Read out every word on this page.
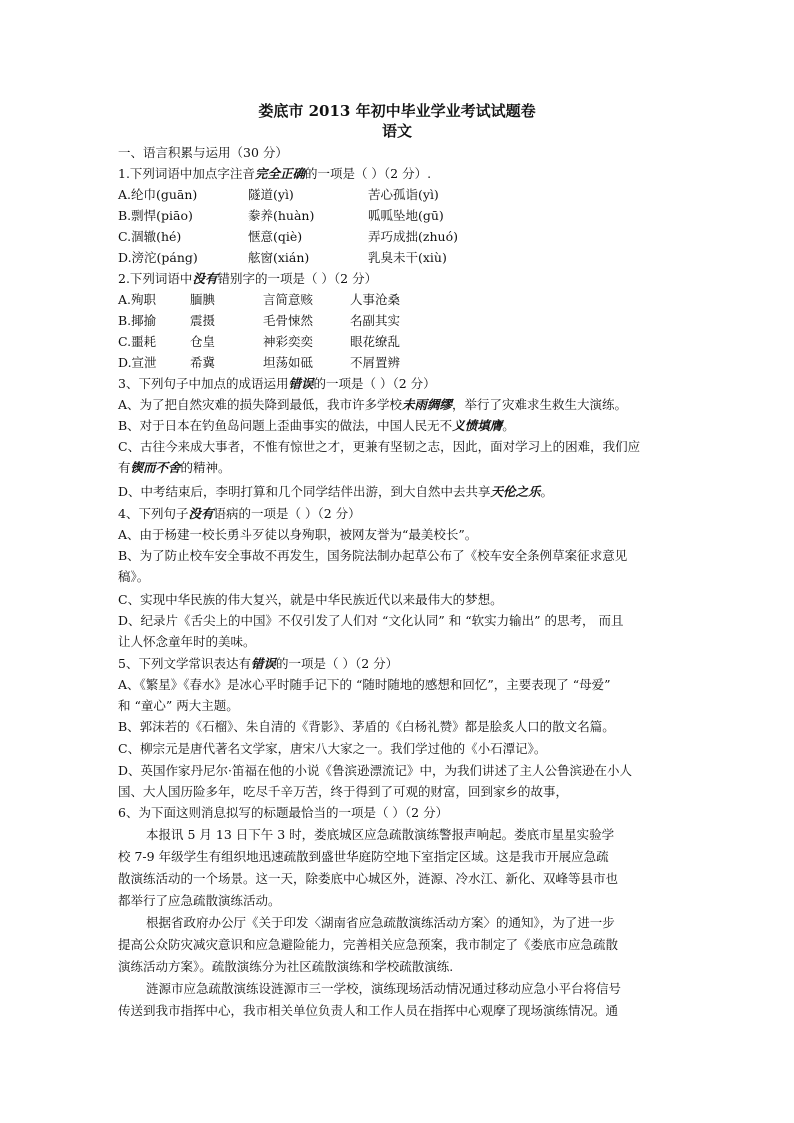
娄底市 2013 年初中毕业学业考试试题卷
语文
一、语言积累与运用（30 分）
1.下列词语中加点字注音完全正确的一项是（ ）（2 分）.
A.纶巾(guān)	隧道(yì)	苦心孤诣(yì)
B.剽悍(piāo)	豢养(huàn)	呱呱坠地(gū)
C.涸辙(hé)	惬意(qiè)	弄巧成拙(zhuó)
D.滂沱(páng)	舷窗(xián)	乳臭未干(xiù)
2.下列词语中没有错别字的一项是（ ）（2 分）
A.殉职	腼腆	言简意赅	人事沧桑
B.揶揄	震摄	毛骨悚然	名副其实
C.噩耗	仓皇	神彩奕奕	眼花缭乱
D.宣泄	希冀	坦荡如砥	不屑置辨
3、下列句子中加点的成语运用错误的一项是（ ）（2 分）
A、为了把自然灾难的损失降到最低，我市许多学校未雨绸缪，举行了灾难求生救生大演练。
B、对于日本在钓鱼岛问题上歪曲事实的做法，中国人民无不义愤填膺。
C、古往今来成大事者，不惟有惊世之才，更兼有坚韧之志，因此，面对学习上的困难，我们应
有锲而不舍的精神。
D、中考结束后，李明打算和几个同学结伴出游，到大自然中去共享天伦之乐。
4、下列句子没有语病的一项是（ ）（2 分）
A、由于杨建一校长勇斗歹徒以身殉职，被网友誉为“最美校长”。
B、为了防止校车安全事故不再发生，国务院法制办起草公布了《校车安全条例草案征求意见
稿》。
C、实现中华民族的伟大复兴，就是中华民族近代以来最伟大的梦想。
D、纪录片《舌尖上的中国》不仅引发了人们对 “文化认同” 和 “软实力输出” 的思考， 而且
让人怀念童年时的美味。
5、下列文学常识表达有错误的一项是（ ）（2 分）
A、《繁星》《春水》是冰心平时随手记下的 “随时随地的感想和回忆”，主要表现了 “母爱”
和 “童心” 两大主题。
B、郭沫若的《石榴》、朱自清的《背影》、茅盾的《白杨礼赞》都是脍炙人口的散文名篇。
C、柳宗元是唐代著名文学家，唐宋八大家之一。我们学过他的《小石潭记》。
D、英国作家丹尼尔·笛福在他的小说《鲁滨逊漂流记》中，为我们讲述了主人公鲁滨逊在小人
国、大人国历险多年，吃尽千辛万苦，终于得到了可观的财富，回到家乡的故事，
6、为下面这则消息拟写的标题最恰当的一项是（ ）（2 分）
本报讯 5 月 13 日下午 3 时，娄底城区应急疏散演练警报声响起。娄底市星星实验学
校 7-9 年级学生有组织地迅速疏散到盛世华庭防空地下室指定区域。这是我市开展应急疏
散演练活动的一个场景。这一天，除娄底中心城区外，涟源、冷水江、新化、双峰等县市也
都举行了应急疏散演练活动。
根据省政府办公厅《关于印发〈湖南省应急疏散演练活动方案〉的通知》，为了进一步
提高公众防灾减灾意识和应急避险能力，完善相关应急预案，我市制定了《娄底市应急疏散
演练活动方案》。疏散演练分为社区疏散演练和学校疏散演练.
涟源市应急疏散演练设涟源市三一学校，演练现场活动情况通过移动应急小平台将信号
传送到我市指挥中心，我市相关单位负责人和工作人员在指挥中心观摩了现场演练情况。通
